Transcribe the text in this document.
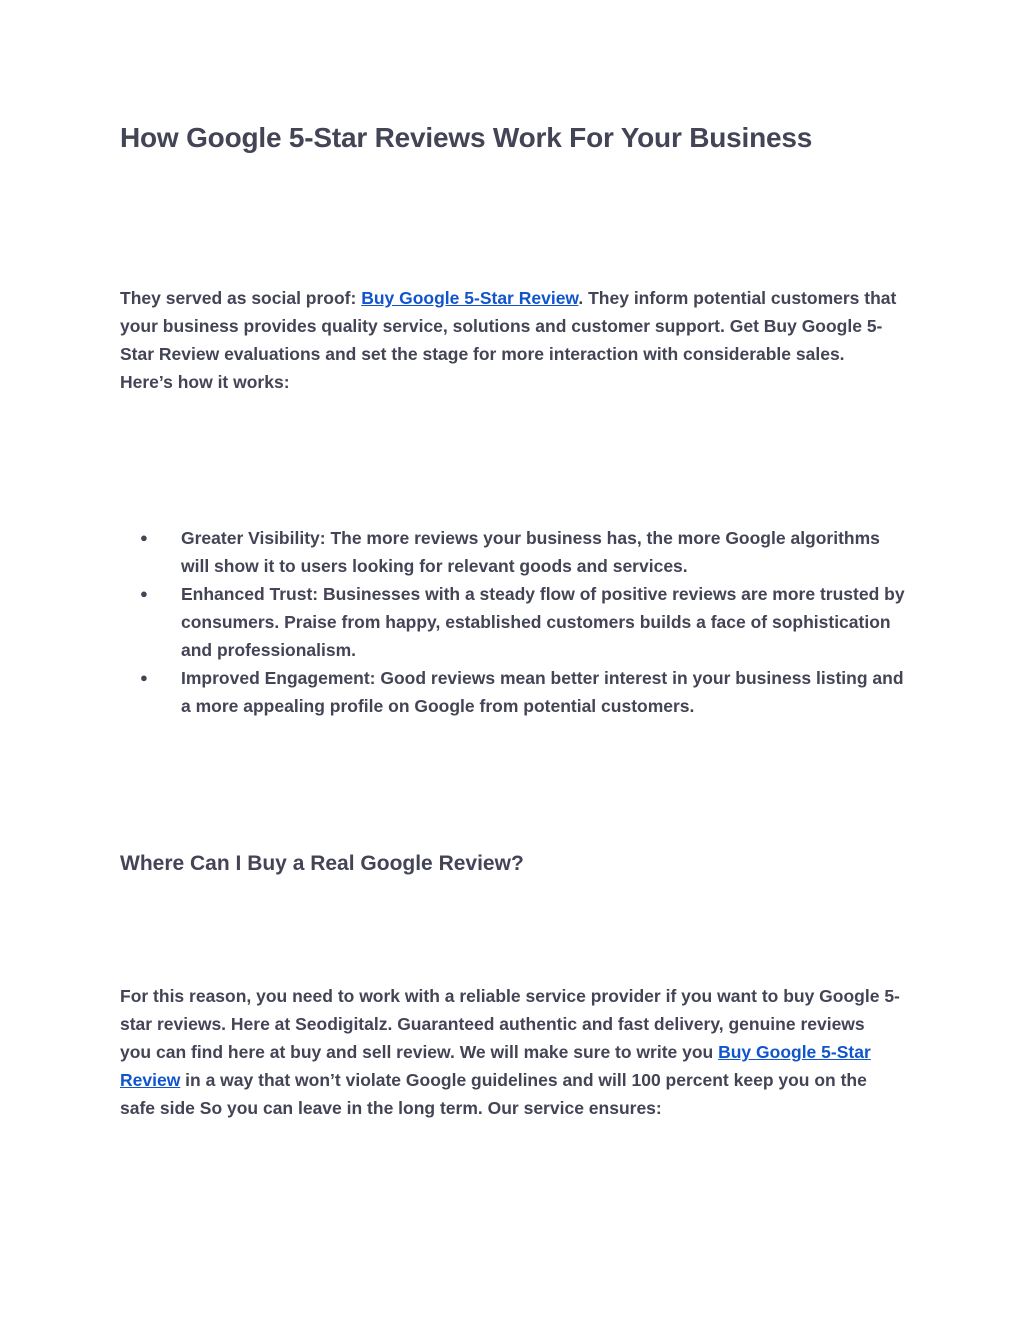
How Google 5-Star Reviews Work For Your Business

They served as social proof: Buy Google 5-Star Review. They inform potential customers that your business provides quality service, solutions and customer support. Get Buy Google 5-Star Review evaluations and set the stage for more interaction with considerable sales. Here’s how it works:

● Greater Visibility: The more reviews your business has, the more Google algorithms will show it to users looking for relevant goods and services.
● Enhanced Trust: Businesses with a steady flow of positive reviews are more trusted by consumers. Praise from happy, established customers builds a face of sophistication and professionalism.
● Improved Engagement: Good reviews mean better interest in your business listing and a more appealing profile on Google from potential customers.
Where Can I Buy a Real Google Review?

For this reason, you need to work with a reliable service provider if you want to buy Google 5-star reviews. Here at Seodigitalz. Guaranteed authentic and fast delivery, genuine reviews you can find here at buy and sell review. We will make sure to write you Buy Google 5-Star Review in a way that won’t violate Google guidelines and will 100 percent keep you on the safe side So you can leave in the long term. Our service ensures:
